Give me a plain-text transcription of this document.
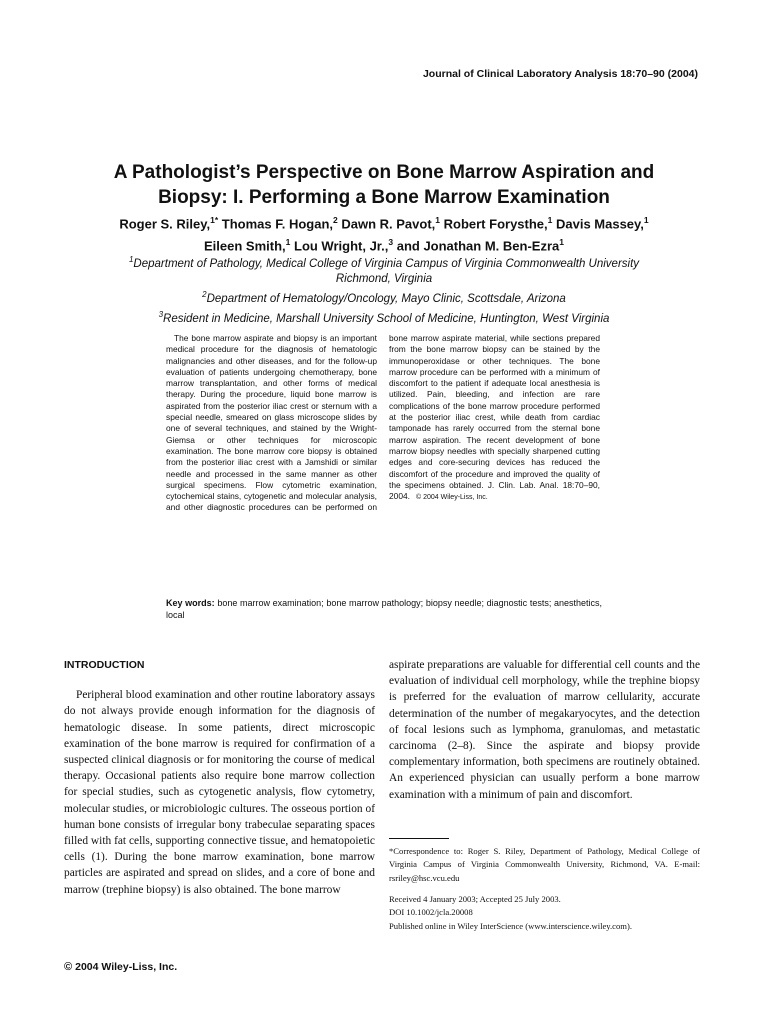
Journal of Clinical Laboratory Analysis 18:70–90 (2004)
A Pathologist’s Perspective on Bone Marrow Aspiration and
Biopsy: I. Performing a Bone Marrow Examination
Roger S. Riley,$^{1*}$ Thomas F. Hogan,$^2$ Dawn R. Pavot,$^1$ Robert Forysthe,$^1$ Davis Massey,$^1$
Eileen Smith,$^1$ Lou Wright, Jr.,$^3$ and Jonathan M. Ben-Ezra$^1$
$^1$Department of Pathology, Medical College of Virginia Campus of Virginia Commonwealth University
Richmond, Virginia
$^2$Department of Hematology/Oncology, Mayo Clinic, Scottsdale, Arizona
$^3$Resident in Medicine, Marshall University School of Medicine, Huntington, West Virginia
The bone marrow aspirate and biopsy is an important medical procedure for the diagnosis of hematologic malignancies and other diseases, and for the follow-up evaluation of patients undergoing chemotherapy, bone marrow transplantation, and other forms of medical therapy. During the procedure, liquid bone marrow is aspirated from the posterior iliac crest or sternum with a special needle, smeared on glass microscope slides by one of several techniques, and stained by the Wright-Giemsa or other techniques for microscopic examination. The bone marrow core biopsy is obtained from the posterior iliac crest with a Jamshidi or similar needle and processed in the same manner as other surgical specimens. Flow cytometric examination, cytochemical stains, cytogenetic and molecular analysis, and other diagnostic procedures can be performed on bone marrow aspirate material, while sections prepared from the bone marrow biopsy can be stained by the immunoperoxidase or other techniques. The bone marrow procedure can be performed with a minimum of discomfort to the patient if adequate local anesthesia is utilized. Pain, bleeding, and infection are rare complications of the bone marrow procedure performed at the posterior iliac crest, while death from cardiac tamponade has rarely occurred from the sternal bone marrow aspiration. The recent development of bone marrow biopsy needles with specially sharpened cutting edges and core-securing devices has reduced the discomfort of the procedure and improved the quality of the specimens obtained. J. Clin. Lab. Anal. 18:70–90, 2004. © 2004 Wiley-Liss, Inc.
Key words: bone marrow examination; bone marrow pathology; biopsy needle; diagnostic tests; anesthetics, local
INTRODUCTION

Peripheral blood examination and other routine laboratory assays do not always provide enough information for the diagnosis of hematologic disease. In some patients, direct microscopic examination of the bone marrow is required for confirmation of a suspected clinical diagnosis or for monitoring the course of medical therapy. Occasional patients also require bone marrow collection for special studies, such as cytogenetic analysis, flow cytometry, molecular studies, or microbiologic cultures. The osseous portion of human bone consists of irregular bony trabeculae separating spaces filled with fat cells, supporting connective tissue, and hematopoietic cells (1). During the bone marrow examination, bone marrow particles are aspirated and spread on slides, and a core of bone and marrow (trephine biopsy) is also obtained. The bone marrow

aspirate preparations are valuable for differential cell counts and the evaluation of individual cell morphology, while the trephine biopsy is preferred for the evaluation of marrow cellularity, accurate determination of the number of megakaryocytes, and the detection of focal lesions such as lymphoma, granulomas, and metastatic carcinoma (2–8). Since the aspirate and biopsy provide complementary information, both specimens are routinely obtained. An experienced physician can usually perform a bone marrow examination with a minimum of pain and discomfort.

*Correspondence to: Roger S. Riley, Department of Pathology, Medical College of Virginia Campus of Virginia Commonwealth University, Richmond, VA. E-mail: rsriley@hsc.vcu.edu
Received 4 January 2003; Accepted 25 July 2003.
DOI 10.1002/jcla.20008
Published online in Wiley InterScience (www.interscience.wiley.com).
© 2004 Wiley-Liss, Inc.
